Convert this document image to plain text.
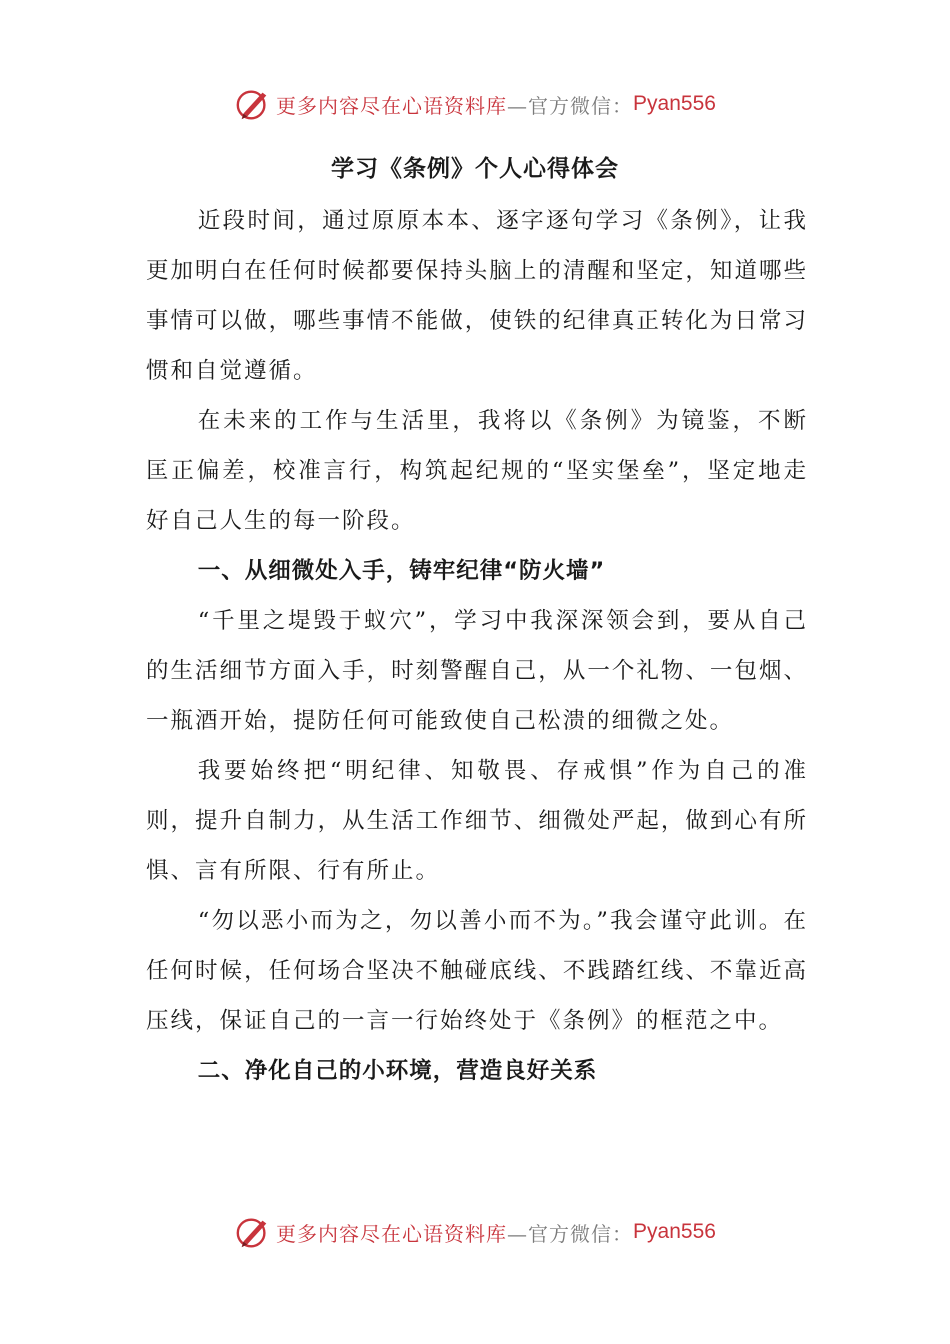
更多内容尽在心语资料库 —官方微信： Pyan556
学习《条例》个人心得体会

近段时间，通过原原本本、逐字逐句学习《条例》，让我更加明白在任何时候都要保持头脑上的清醒和坚定，知道哪些事情可以做，哪些事情不能做，使铁的纪律真正转化为日常习惯和自觉遵循。

在未来的工作与生活里，我将以《条例》为镜鉴，不断匡正偏差，校准言行，构筑起纪规的“坚实堡垒”，坚定地走好自己人生的每一阶段。

一、从细微处入手，铸牢纪律“防火墙”

“千里之堤毁于蚁穴”，学习中我深深领会到，要从自己的生活细节方面入手，时刻警醒自己，从一个礼物、一包烟、一瓶酒开始，提防任何可能致使自己松溃的细微之处。

我要始终把“明纪律、知敬畏、存戒惧”作为自己的准则，提升自制力，从生活工作细节、细微处严起，做到心有所惧、言有所限、行有所止。

“勿以恶小而为之，勿以善小而不为。”我会谨守此训。在任何时候，任何场合坚决不触碰底线、不践踏红线、不靠近高压线，保证自己的一言一行始终处于《条例》的框范之中。

二、净化自己的小环境，营造良好关系
更多内容尽在心语资料库 —官方微信： Pyan556
